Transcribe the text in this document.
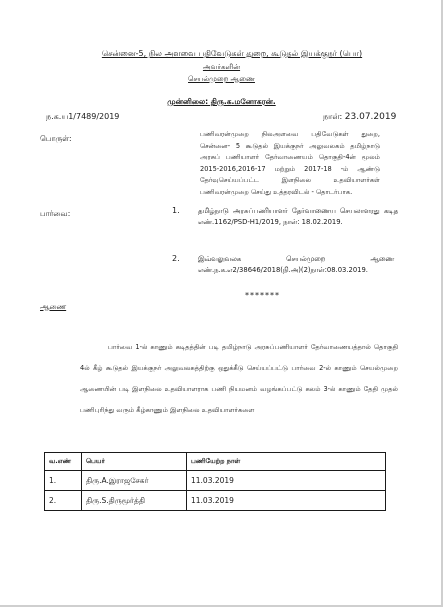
சென்னை-5, நில அளவை பதிவேடுகள் துறை, கூடுதல் இயக்குநர் (பொ)
அவர்களின்
செயல்முறை ஆணை
முன்னிலை: திரு.க.மனோகரன்.
ந.க.ய1/7489/2019	நாள்: 23.07.2019
பொருள்:	பணிவரன்முறை நிலஅளவை பதிவேடுகள் துறை, சென்னை- 5 கூடுதல் இயக்குநர் அலுவலகம் தமிழ்நாடு அரசுப் பணியாளர் தேர்வாணையம் தொகுதி-4ன் மூலம் 2015-2016,2016-17 மற்றும் 2017-18 -ம் ஆண்டு தேர்வுசெய்யப்பட்ட இளநிலை உதவியாளர்கள் பணிவரன்முறை செய்து உத்தரவிடல் - தொடர்பாக.
பார்வை:	1.	தமிழ்நாடு அரசுப்பணியாளர் தேர்வாணைய செயலாளரது கடித எண்.1162/PSD-H1/2019, நாள்: 18.02.2019.
2.	இவ்வலுவலக செயல்முறை ஆணை எண்.ந.க.எ2/38646/2018(நி.அ)(2)நாள்:08.03.2019.
*******
ஆணை
பார்வை 1-ல் காணும் கடிதத்தின் படி தமிழ்நாடு அரசுப்பணியாளர் தேர்வாணையத்தால் தொகுதி 4ல் கீழ் கூடுதல் இயக்குநர் அலுவலகத்திற்கு ஒதுக்கீடு செய்யப்பட்டு பார்வை 2-ல் காணும் செயல்முறை ஆணையின் படி இளநிலை உதவியாளராக பணி நியமனம் வழங்கப்பட்டு கலம் 3-ல் காணும் தேதி முதல் பணிபுரிந்து வரும் கீழ்காணும் இளநிலை உதவியாளர்களை
வ.எண்	பெயர்	பணியேற்ற நாள்
1.	திரு.A.இராஜசேகர்	11.03.2019
2.	திரு.S.திருமூர்த்தி	11.03.2019
